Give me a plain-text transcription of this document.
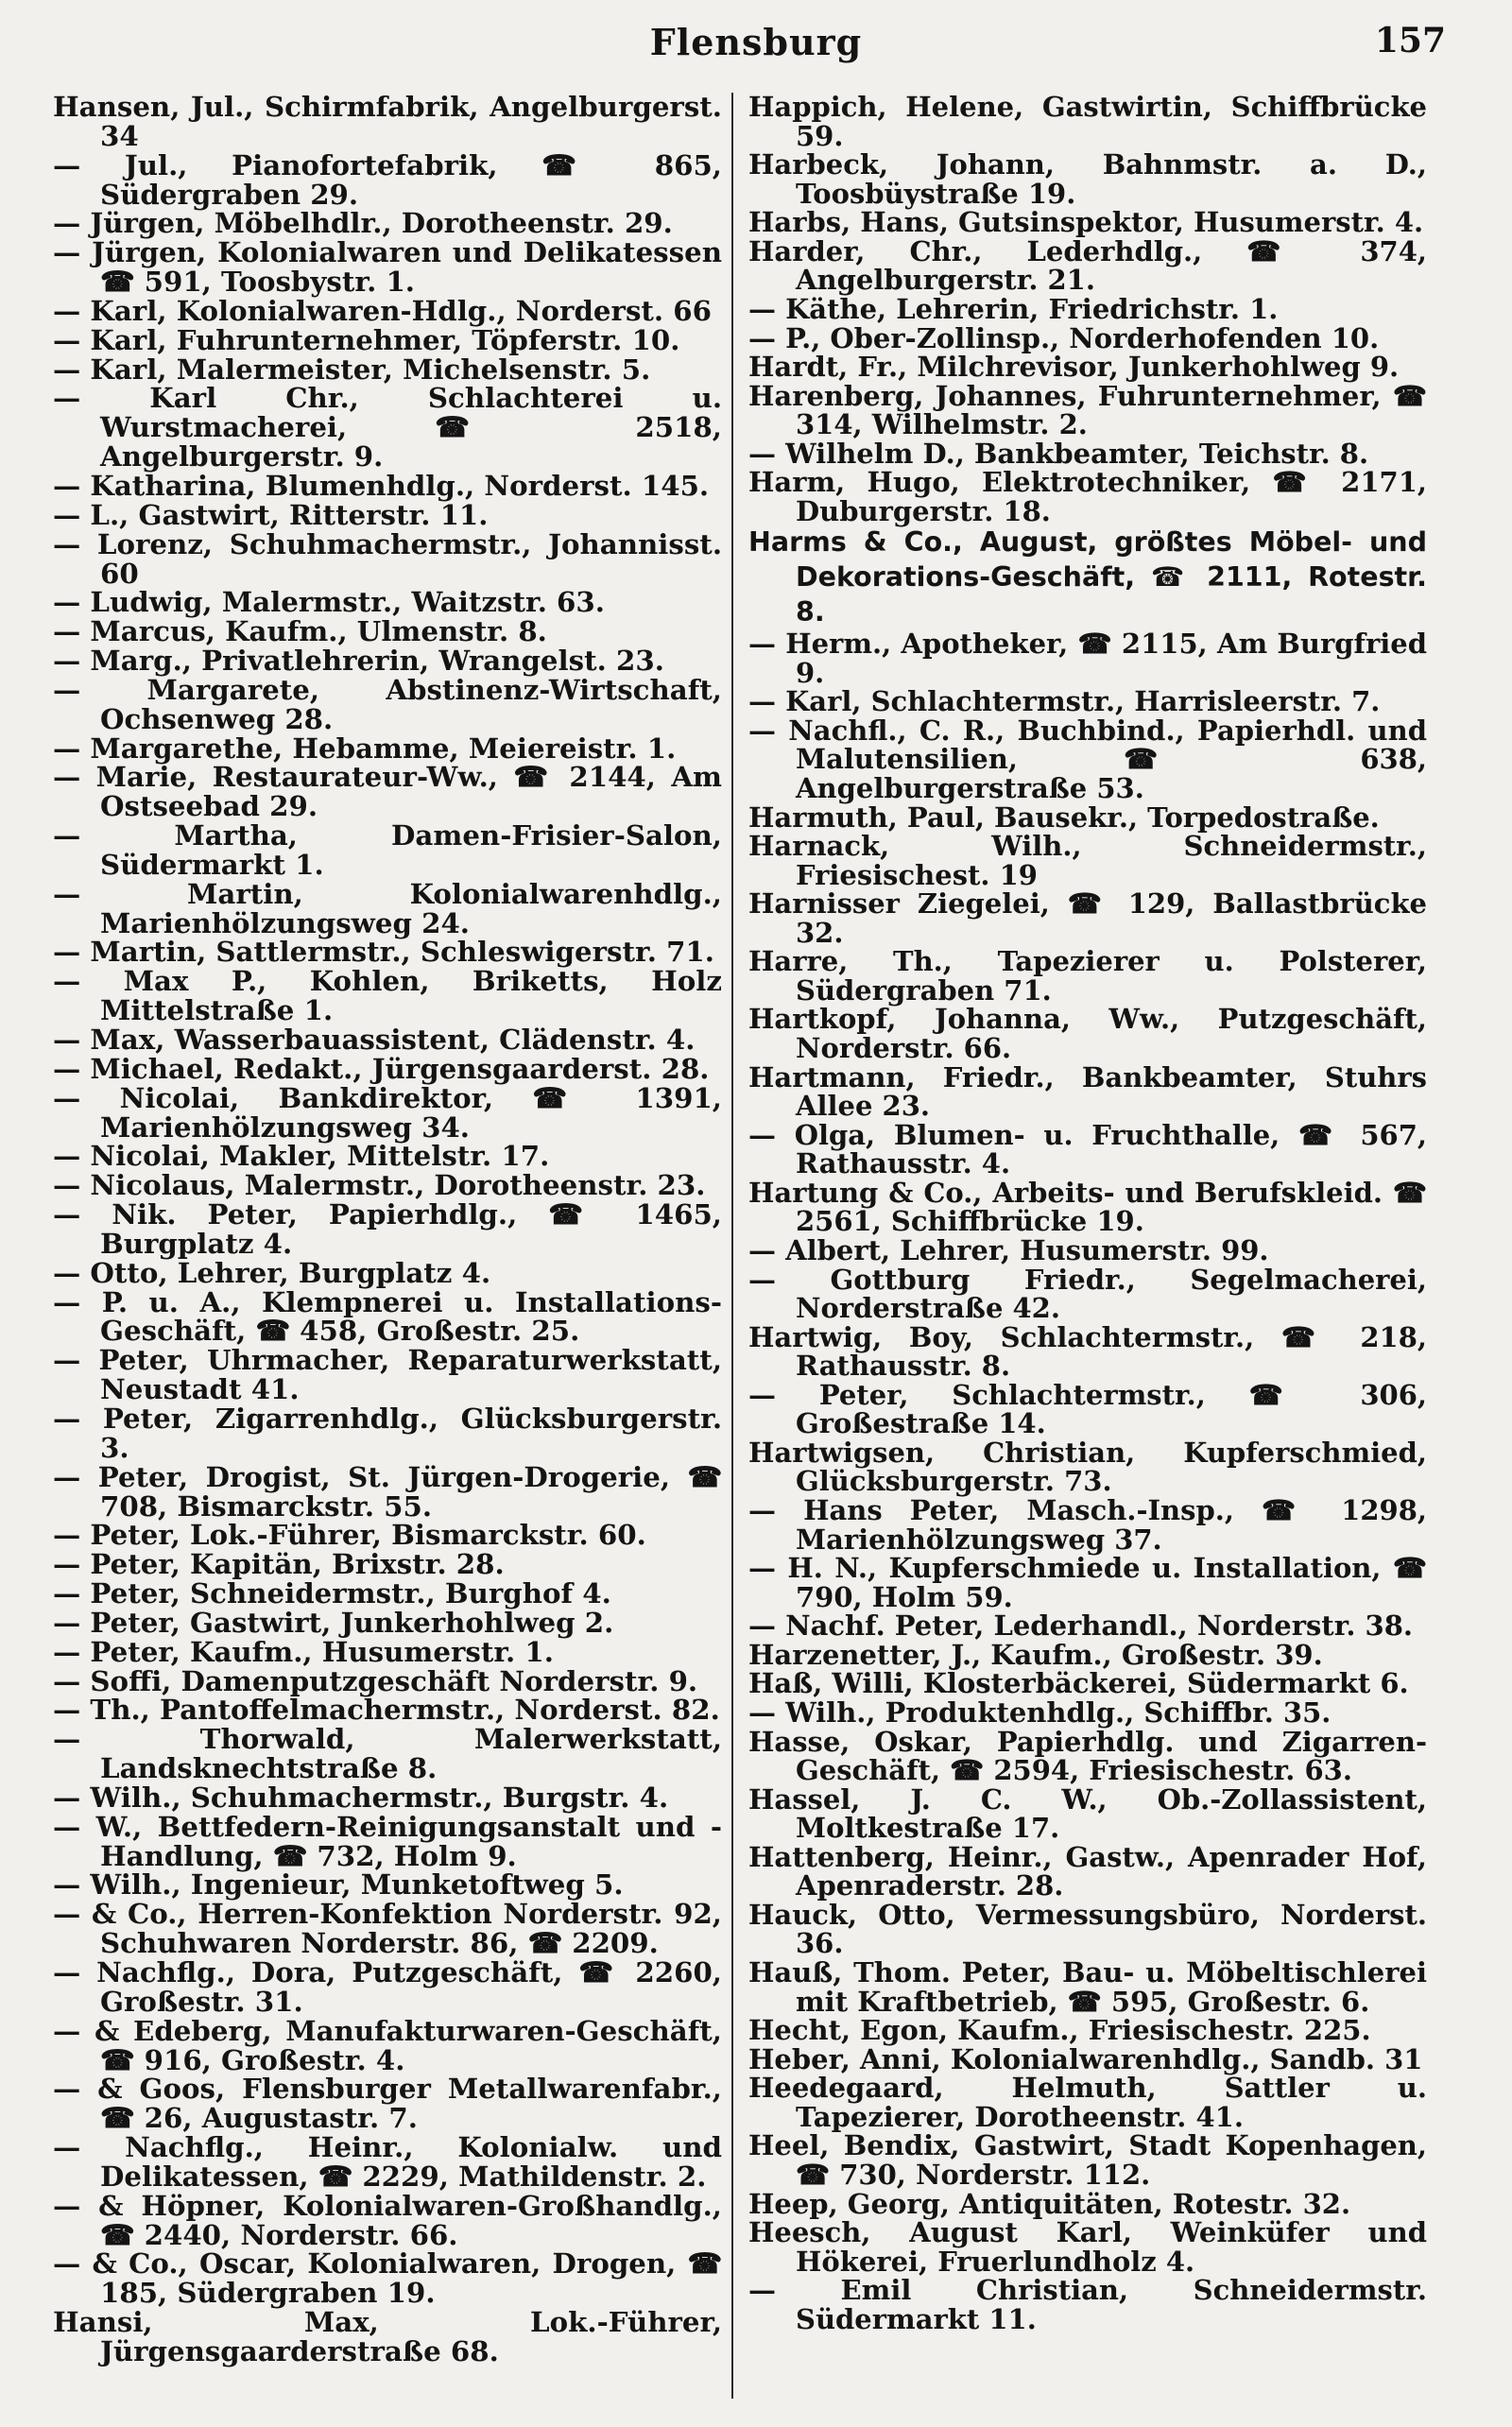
Flensburg	157

Hansen, Jul., Schirmfabrik, Angelburgerst. 34

— Jul., Pianofortefabrik, ☎ 865, Südergraben 29.

— Jürgen, Möbelhdlr., Dorotheenstr. 29.

— Jürgen, Kolonialwaren und Delikatessen ☎ 591, Toosbystr. 1.

— Karl, Kolonialwaren-Hdlg., Norderst. 66

— Karl, Fuhrunternehmer, Töpferstr. 10.

— Karl, Malermeister, Michelsenstr. 5.

— Karl Chr., Schlachterei u. Wurstmacherei, ☎ 2518, Angelburgerstr. 9.

— Katharina, Blumenhdlg., Norderst. 145.

— L., Gastwirt, Ritterstr. 11.

— Lorenz, Schuhmachermstr., Johannisst. 60

— Ludwig, Malermstr., Waitzstr. 63.

— Marcus, Kaufm., Ulmenstr. 8.

— Marg., Privatlehrerin, Wrangelst. 23.

— Margarete, Abstinenz-Wirtschaft, Ochsenweg 28.

— Margarethe, Hebamme, Meiereistr. 1.

— Marie, Restaurateur-Ww., ☎ 2144, Am Ostseebad 29.

— Martha, Damen-Frisier-Salon, Südermarkt 1.

— Martin, Kolonialwarenhdlg., Marienhölzungsweg 24.

— Martin, Sattlermstr., Schleswigerstr. 71.

— Max P., Kohlen, Briketts, Holz Mittelstraße 1.

— Max, Wasserbauassistent, Clädenstr. 4.

— Michael, Redakt., Jürgensgaarderst. 28.

— Nicolai, Bankdirektor, ☎ 1391, Marienhölzungsweg 34.

— Nicolai, Makler, Mittelstr. 17.

— Nicolaus, Malermstr., Dorotheenstr. 23.

— Nik. Peter, Papierhdlg., ☎ 1465, Burgplatz 4.

— Otto, Lehrer, Burgplatz 4.

— P. u. A., Klempnerei u. Installations-Geschäft, ☎ 458, Großestr. 25.

— Peter, Uhrmacher, Reparaturwerkstatt, Neustadt 41.

— Peter, Zigarrenhdlg., Glücksburgerstr. 3.

— Peter, Drogist, St. Jürgen-Drogerie, ☎ 708, Bismarckstr. 55.

— Peter, Lok.-Führer, Bismarckstr. 60.

— Peter, Kapitän, Brixstr. 28.

— Peter, Schneidermstr., Burghof 4.

— Peter, Gastwirt, Junkerhohlweg 2.

— Peter, Kaufm., Husumerstr. 1.

— Soffi, Damenputzgeschäft Norderstr. 9.

— Th., Pantoffelmachermstr., Norderst. 82.

— Thorwald, Malerwerkstatt, Landsknechtstraße 8.

— Wilh., Schuhmachermstr., Burgstr. 4.

— W., Bettfedern-Reinigungsanstalt und -Handlung, ☎ 732, Holm 9.

— Wilh., Ingenieur, Munketoftweg 5.

— & Co., Herren-Konfektion Norderstr. 92, Schuhwaren Norderstr. 86, ☎ 2209.

— Nachflg., Dora, Putzgeschäft, ☎ 2260, Großestr. 31.

— & Edeberg, Manufakturwaren-Geschäft, ☎ 916, Großestr. 4.

— & Goos, Flensburger Metallwarenfabr., ☎ 26, Augustastr. 7.

— Nachflg., Heinr., Kolonialw. und Delikatessen, ☎ 2229, Mathildenstr. 2.

— & Höpner, Kolonialwaren-Großhandlg., ☎ 2440, Norderstr. 66.

— & Co., Oscar, Kolonialwaren, Drogen, ☎ 185, Südergraben 19.

Hansi, Max, Lok.-Führer, Jürgensgaarderstraße 68.

Happich, Helene, Gastwirtin, Schiffbrücke 59.

Harbeck, Johann, Bahnmstr. a. D., Toosbüystraße 19.

Harbs, Hans, Gutsinspektor, Husumerstr. 4.

Harder, Chr., Lederhdlg., ☎ 374, Angelburgerstr. 21.

— Käthe, Lehrerin, Friedrichstr. 1.

— P., Ober-Zollinsp., Norderhofenden 10.

Hardt, Fr., Milchrevisor, Junkerhohlweg 9.

Harenberg, Johannes, Fuhrunternehmer, ☎ 314, Wilhelmstr. 2.

— Wilhelm D., Bankbeamter, Teichstr. 8.

Harm, Hugo, Elektrotechniker, ☎ 2171, Duburgerstr. 18.

Harms & Co., August, größtes Möbel- und Dekorations-Geschäft, ☎ 2111, Rotestr. 8.

— Herm., Apotheker, ☎ 2115, Am Burgfried 9.

— Karl, Schlachtermstr., Harrisleerstr. 7.

— Nachfl., C. R., Buchbind., Papierhdl. und Malutensilien, ☎ 638, Angelburgerstraße 53.

Harmuth, Paul, Bausekr., Torpedostraße.

Harnack, Wilh., Schneidermstr., Friesischest. 19

Harnisser Ziegelei, ☎ 129, Ballastbrücke 32.

Harre, Th., Tapezierer u. Polsterer, Südergraben 71.

Hartkopf, Johanna, Ww., Putzgeschäft, Norderstr. 66.

Hartmann, Friedr., Bankbeamter, Stuhrs Allee 23.

— Olga, Blumen- u. Fruchthalle, ☎ 567, Rathausstr. 4.

Hartung & Co., Arbeits- und Berufskleid. ☎ 2561, Schiffbrücke 19.

— Albert, Lehrer, Husumerstr. 99.

— Gottburg Friedr., Segelmacherei, Norderstraße 42.

Hartwig, Boy, Schlachtermstr., ☎ 218, Rathausstr. 8.

— Peter, Schlachtermstr., ☎ 306, Großestraße 14.

Hartwigsen, Christian, Kupferschmied, Glücksburgerstr. 73.

— Hans Peter, Masch.-Insp., ☎ 1298, Marienhölzungsweg 37.

— H. N., Kupferschmiede u. Installation, ☎ 790, Holm 59.

— Nachf. Peter, Lederhandl., Norderstr. 38.

Harzenetter, J., Kaufm., Großestr. 39.

Haß, Willi, Klosterbäckerei, Südermarkt 6.

— Wilh., Produktenhdlg., Schiffbr. 35.

Hasse, Oskar, Papierhdlg. und Zigarren-Geschäft, ☎ 2594, Friesischestr. 63.

Hassel, J. C. W., Ob.-Zollassistent, Moltkestraße 17.

Hattenberg, Heinr., Gastw., Apenrader Hof, Apenraderstr. 28.

Hauck, Otto, Vermessungsbüro, Norderst. 36.

Hauß, Thom. Peter, Bau- u. Möbeltischlerei mit Kraftbetrieb, ☎ 595, Großestr. 6.

Hecht, Egon, Kaufm., Friesischestr. 225.

Heber, Anni, Kolonialwarenhdlg., Sandb. 31

Heedegaard, Helmuth, Sattler u. Tapezierer, Dorotheenstr. 41.

Heel, Bendix, Gastwirt, Stadt Kopenhagen, ☎ 730, Norderstr. 112.

Heep, Georg, Antiquitäten, Rotestr. 32.

Heesch, August Karl, Weinküfer und Hökerei, Fruerlundholz 4.

— Emil Christian, Schneidermstr. Südermarkt 11.
